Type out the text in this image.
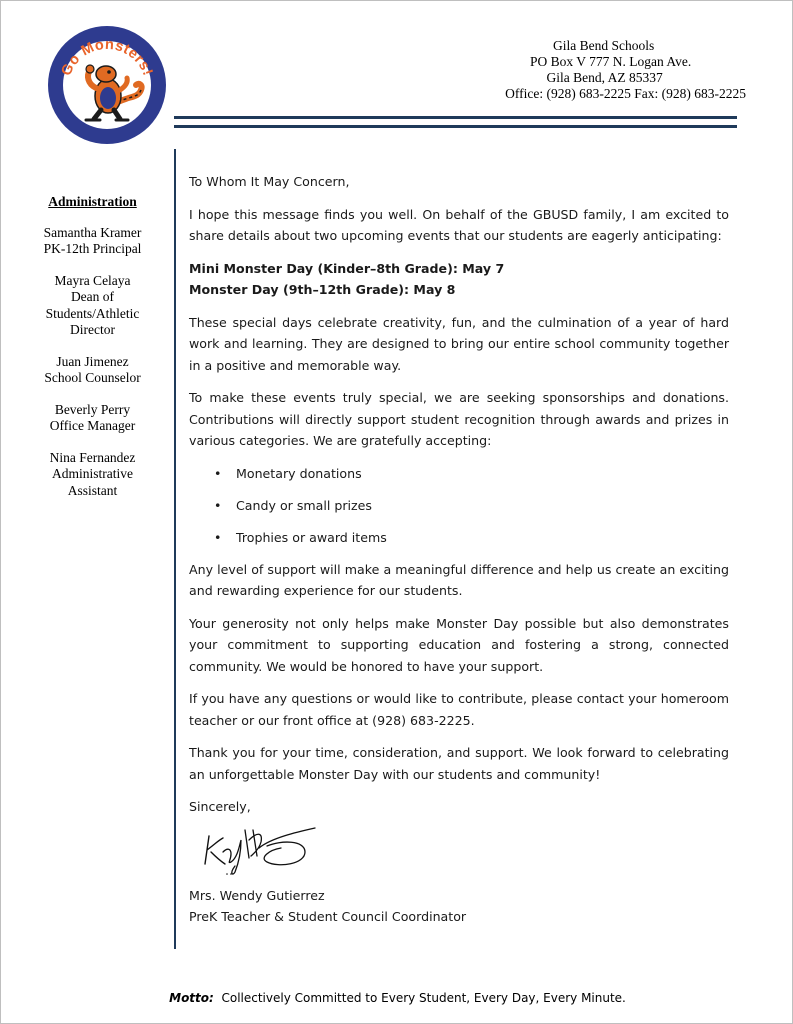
Go Monsters!
Gila Bend Schools
PO Box V 777 N. Logan Ave.
Gila Bend, AZ 85337
Office: (928) 683-2225 Fax: (928) 683-2225
Administration
Samantha Kramer
PK-12th Principal
Mayra Celaya
Dean of
Students/Athletic
Director
Juan Jimenez
School Counselor
Beverly Perry
Office Manager
Nina Fernandez
Administrative
Assistant

To Whom It May Concern,

I hope this message finds you well. On behalf of the GBUSD family, I am excited to share details about two upcoming events that our students are eagerly anticipating:

Mini Monster Day (Kinder–8th Grade): May 7

Monster Day (9th–12th Grade): May 8

These special days celebrate creativity, fun, and the culmination of a year of hard work and learning. They are designed to bring our entire school community together in a positive and memorable way.

To make these events truly special, we are seeking sponsorships and donations. Contributions will directly support student recognition through awards and prizes in various categories. We are gratefully accepting:

• Monetary donations
• Candy or small prizes
• Trophies or award items

Any level of support will make a meaningful difference and help us create an exciting and rewarding experience for our students.

Your generosity not only helps make Monster Day possible but also demonstrates your commitment to supporting education and fostering a strong, connected community. We would be honored to have your support.

If you have any questions or would like to contribute, please contact your homeroom teacher or our front office at (928) 683-2225.

Thank you for your time, consideration, and support. We look forward to celebrating an unforgettable Monster Day with our students and community!

Sincerely,

Mrs. Wendy Gutierrez
PreK Teacher & Student Council Coordinator
Motto: Collectively Committed to Every Student, Every Day, Every Minute.
